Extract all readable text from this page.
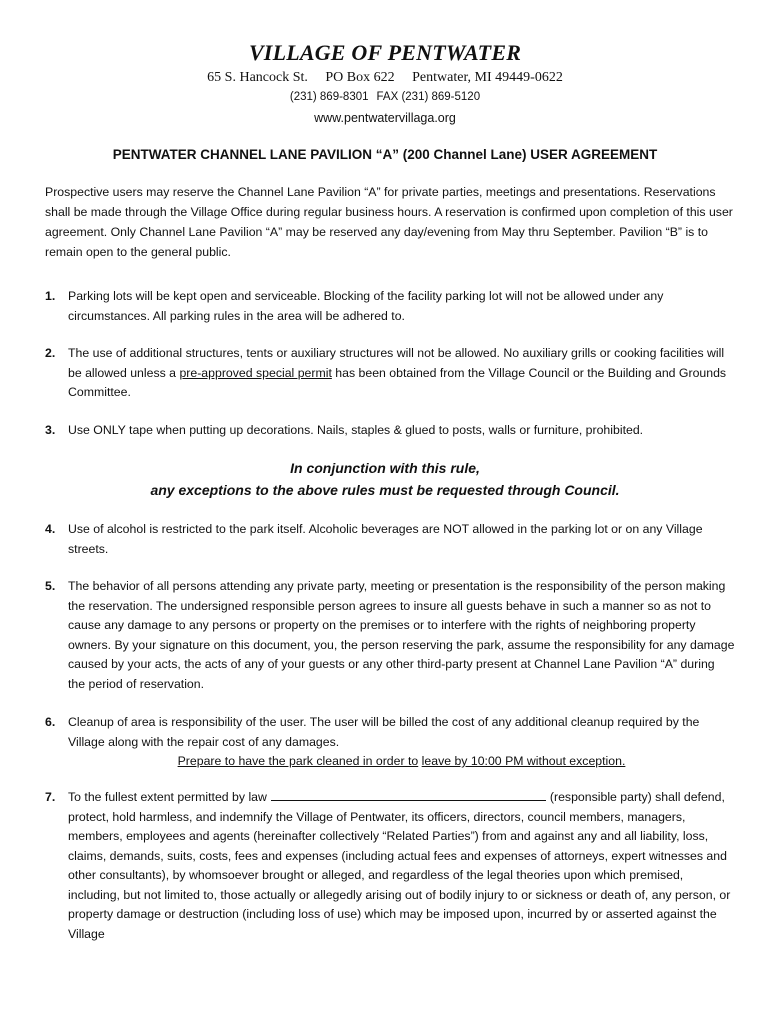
VILLAGE OF PENTWATER
65 S. Hancock St. PO Box 622 Pentwater, MI 49449-0622
(231) 869-8301 FAX (231) 869-5120
www.pentwatervillaga.org
PENTWATER CHANNEL LANE PAVILION “A” (200 Channel Lane) USER AGREEMENT
Prospective users may reserve the Channel Lane Pavilion “A” for private parties, meetings and presentations. Reservations shall be made through the Village Office during regular business hours. A reservation is confirmed upon completion of this user agreement. Only Channel Lane Pavilion “A” may be reserved any day/evening from May thru September. Pavilion “B” is to remain open to the general public.
1. Parking lots will be kept open and serviceable. Blocking of the facility parking lot will not be allowed under any circumstances. All parking rules in the area will be adhered to.
2. The use of additional structures, tents or auxiliary structures will not be allowed. No auxiliary grills or cooking facilities will be allowed unless a pre-approved special permit has been obtained from the Village Council or the Building and Grounds Committee.
3. Use ONLY tape when putting up decorations. Nails, staples & glued to posts, walls or furniture, prohibited.
In conjunction with this rule,
any exceptions to the above rules must be requested through Council.
4. Use of alcohol is restricted to the park itself. Alcoholic beverages are NOT allowed in the parking lot or on any Village streets.
5. The behavior of all persons attending any private party, meeting or presentation is the responsibility of the person making the reservation. The undersigned responsible person agrees to insure all guests behave in such a manner so as not to cause any damage to any persons or property on the premises or to interfere with the rights of neighboring property owners. By your signature on this document, you, the person reserving the park, assume the responsibility for any damage caused by your acts, the acts of any of your guests or any other third-party present at Channel Lane Pavilion “A” during the period of reservation.
6. Cleanup of area is responsibility of the user. The user will be billed the cost of any additional cleanup required by the Village along with the repair cost of any damages.
Prepare to have the park cleaned in order to leave by 10:00 PM without exception.
7. To the fullest extent permitted by law	(responsible party) shall defend, protect, hold harmless, and indemnify the Village of Pentwater, its officers, directors, council members, managers, members, employees and agents (hereinafter collectively “Related Parties”) from and against any and all liability, loss, claims, demands, suits, costs, fees and expenses (including actual fees and expenses of attorneys, expert witnesses and other consultants), by whomsoever brought or alleged, and regardless of the legal theories upon which premised, including, but not limited to, those actually or allegedly arising out of bodily injury to or sickness or death of, any person, or property damage or destruction (including loss of use) which may be imposed upon, incurred by or asserted against the Village
